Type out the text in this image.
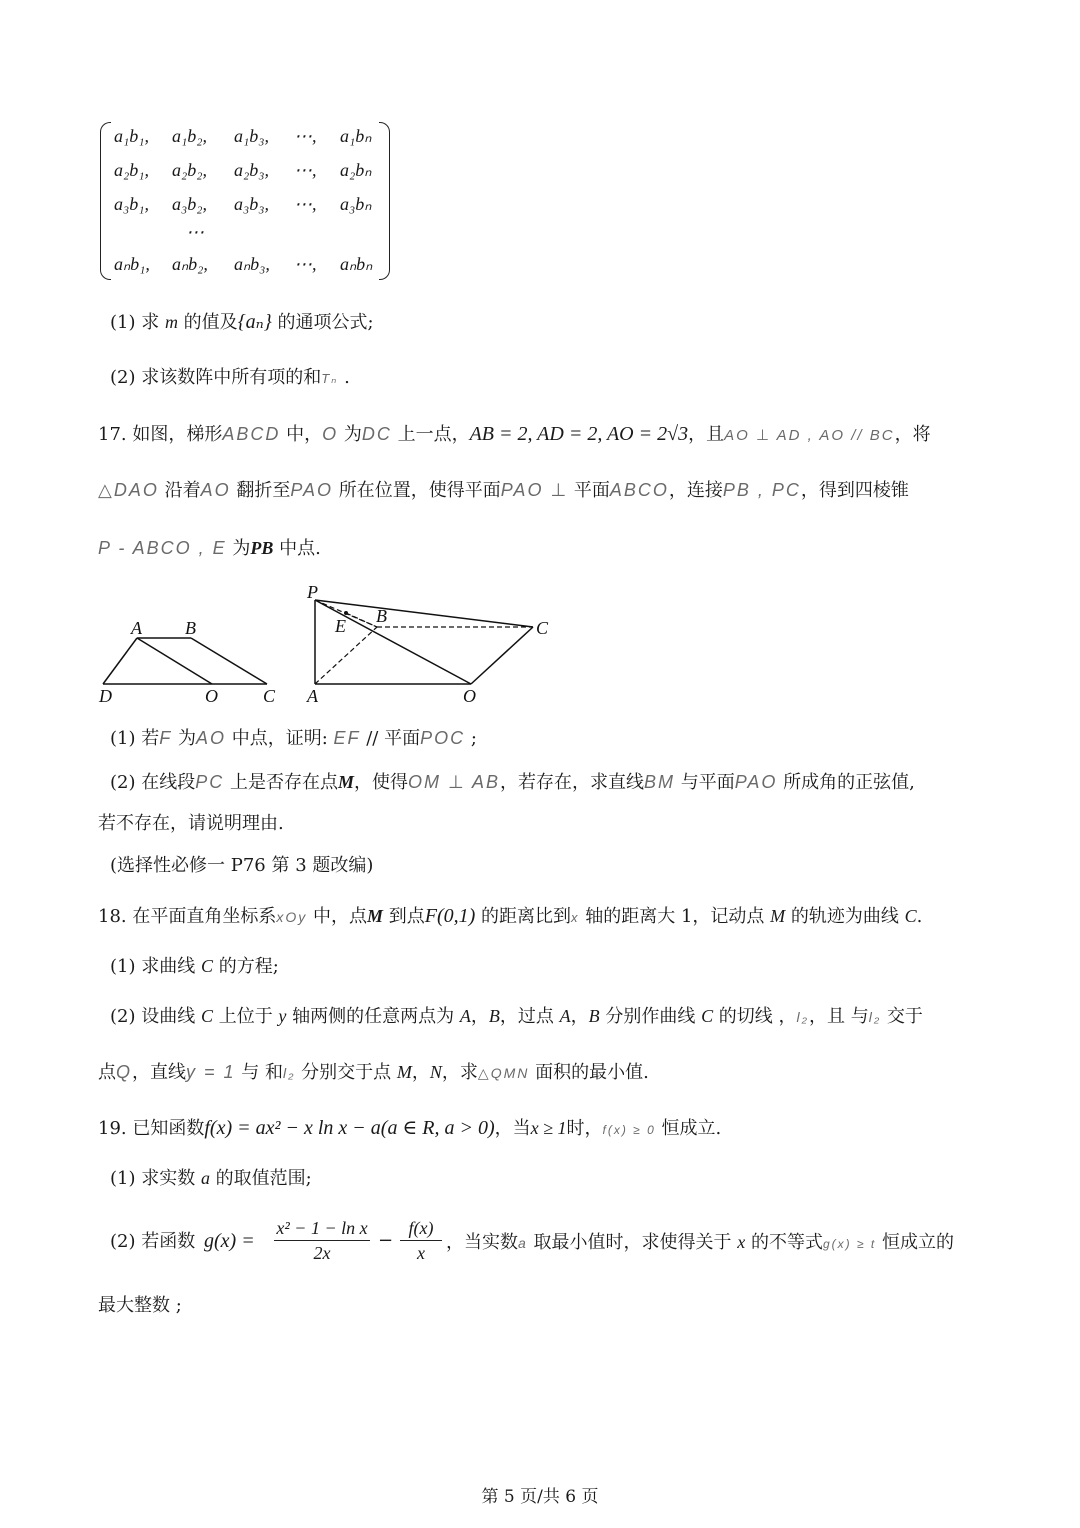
a₁b₁, a₁b₂, a₁b₃, ⋯, a₁bₙ
a₂b₁, a₂b₂, a₂b₃, ⋯, a₂bₙ
a₃b₁, a₃b₂, a₃b₃, ⋯, a₃bₙ
⋯
aₙb₁, aₙb₂, aₙb₃, ⋯, aₙbₙ
(1) 求 m 的值及{aₙ} 的通项公式;
(2) 求该数阵中所有项的和Tₙ .
17. 如图，梯形ABCD 中，O 为DC 上一点，AB = 2, AD = 2, AO = 2√3，且AO ⊥ AD , AO // BC，将
△DAO 沿着AO 翻折至PAO 所在位置，使得平面PAO ⊥ 平面ABCO，连接PB , PC，得到四棱锥
P - ABCO , E 为PB 中点.
A B
D	O	C
P
E B
C
A	O
(1) 若F 为AO 中点，证明: EF // 平面POC ;
(2) 在线段PC 上是否存在点M，使得OM ⊥ AB，若存在，求直线BM 与平面PAO 所成角的正弦值,
若不存在，请说明理由.
(选择性必修一 P76 第 3 题改编)
18. 在平面直角坐标系xOy 中，点M 到点F(0,1) 的距离比到x 轴的距离大 1，记动点 M 的轨迹为曲线 C.
(1) 求曲线 C 的方程;
(2) 设曲线 C 上位于 y 轴两侧的任意两点为 A，B，过点 A，B 分别作曲线 C 的切线 ，l₂，且 与l₂ 交于
点Q，直线y = 1 与 和l₂ 分别交于点 M，N，求△QMN 面积的最小值.
19. 已知函数f(x) = ax² − x ln x − a(a ∈ R, a > 0)，当x ≥ 1时，f(x) ≥ 0 恒成立.
(1) 求实数 a 的取值范围;
(2) 若函数 g(x) =
x² − 1 − ln x
2x
−
f(x)
x	，当实数a 取最小值时，求使得关于 x 的不等式g(x) ≥ t 恒成立的
最大整数 ;
第 5 页/共 6 页
